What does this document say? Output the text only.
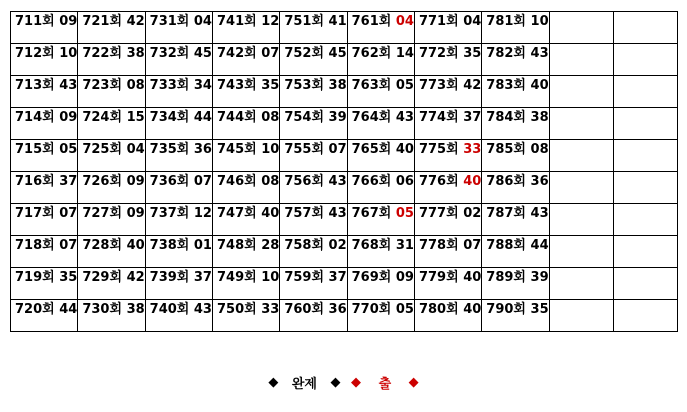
711회 09	721회 42	731회 04	741회 12	751회 41	761회 04	771회 04	781회 10		
712회 10	722회 38	732회 45	742회 07	752회 45	762회 14	772회 35	782회 43		
713회 43	723회 08	733회 34	743회 35	753회 38	763회 05	773회 42	783회 40		
714회 09	724회 15	734회 44	744회 08	754회 39	764회 43	774회 37	784회 38		
715회 05	725회 04	735회 36	745회 10	755회 07	765회 40	775회 33	785회 08		
716회 37	726회 09	736회 07	746회 08	756회 43	766회 06	776회 40	786회 36		
717회 07	727회 09	737회 12	747회 40	757회 43	767회 05	777회 02	787회 43		
718회 07	728회 40	738회 01	748회 28	758회 02	768회 31	778회 07	788회 44		
719회 35	729회 42	739회 37	749회 10	759회 37	769회 09	779회 40	789회 39		
720회 44	730회 38	740회 43	750회 33	760회 36	770회 05	780회 40	790회 35		
◆ 완제 ◆ ◆ 출 ◆
